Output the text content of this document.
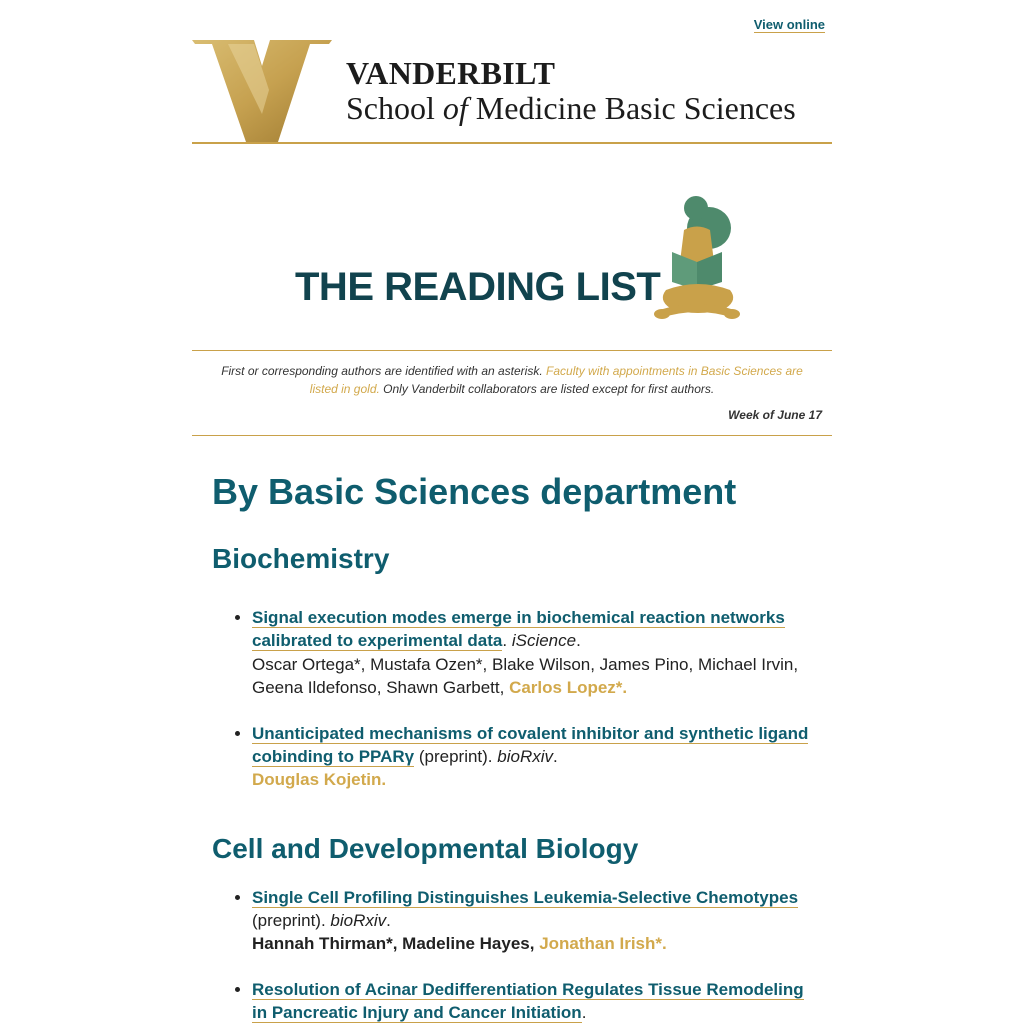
View online
VANDERBILT
School of Medicine Basic Sciences
THE READING LIST
First or corresponding authors are identified with an asterisk. Faculty with appointments in Basic Sciences are listed in gold. Only Vanderbilt collaborators are listed except for first authors.
Week of June 17
By Basic Sciences department
Biochemistry
• Signal execution modes emerge in biochemical reaction networks calibrated to experimental data. iScience.
Oscar Ortega*, Mustafa Ozen*, Blake Wilson, James Pino, Michael Irvin, Geena Ildefonso, Shawn Garbett, Carlos Lopez*.
• Unanticipated mechanisms of covalent inhibitor and synthetic ligand cobinding to PPARγ (preprint). bioRxiv.
Douglas Kojetin.
Cell and Developmental Biology
• Single Cell Profiling Distinguishes Leukemia-Selective Chemotypes (preprint). bioRxiv.
Hannah Thirman*, Madeline Hayes, Jonathan Irish*.
• Resolution of Acinar Dedifferentiation Regulates Tissue Remodeling in Pancreatic Injury and Cancer Initiation.
